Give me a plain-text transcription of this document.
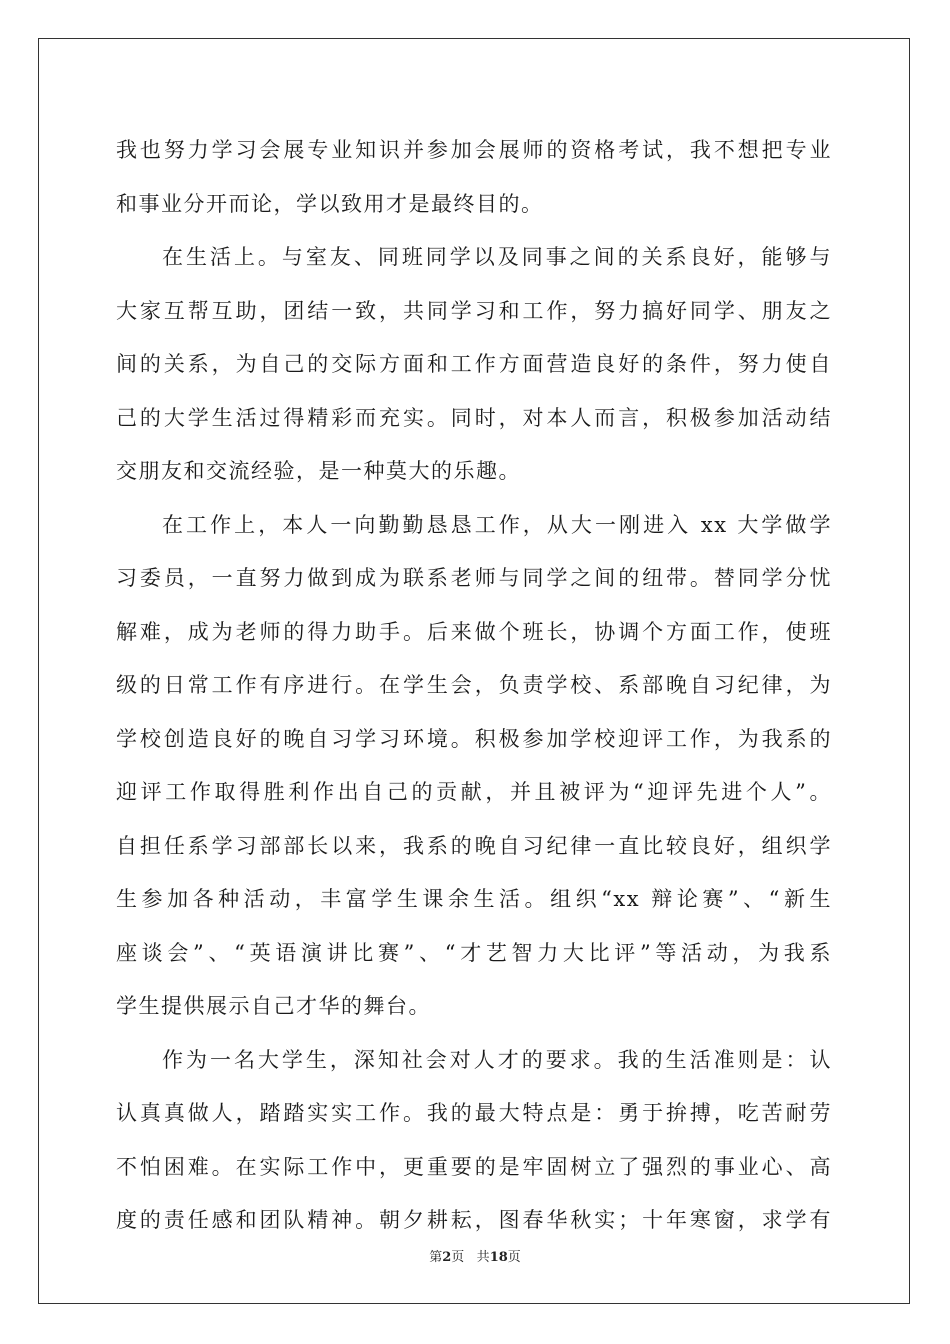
我也努力学习会展专业知识并参加会展师的资格考试，我不想把专业
和事业分开而论，学以致用才是最终目的。
在生活上。与室友、同班同学以及同事之间的关系良好，能够与
大家互帮互助，团结一致，共同学习和工作，努力搞好同学、朋友之
间的关系，为自己的交际方面和工作方面营造良好的条件，努力使自
己的大学生活过得精彩而充实。同时，对本人而言，积极参加活动结
交朋友和交流经验，是一种莫大的乐趣。
在工作上，本人一向勤勤恳恳工作，从大一刚进入 xx 大学做学
习委员，一直努力做到成为联系老师与同学之间的纽带。替同学分忧
解难，成为老师的得力助手。后来做个班长，协调个方面工作，使班
级的日常工作有序进行。在学生会，负责学校、系部晚自习纪律，为
学校创造良好的晚自习学习环境。积极参加学校迎评工作，为我系的
迎评工作取得胜利作出自己的贡献，并且被评为“迎评先进个人”。
自担任系学习部部长以来，我系的晚自习纪律一直比较良好，组织学
生参加各种活动，丰富学生课余生活。组织“xx 辩论赛”、“新生
座谈会”、“英语演讲比赛”、“才艺智力大比评”等活动，为我系
学生提供展示自己才华的舞台。
作为一名大学生，深知社会对人才的要求。我的生活准则是：认
认真真做人，踏踏实实工作。我的最大特点是：勇于拚搏，吃苦耐劳
不怕困难。在实际工作中，更重要的是牢固树立了强烈的事业心、高
度的责任感和团队精神。朝夕耕耘，图春华秋实；十年寒窗，求学有
第2页 共18页
